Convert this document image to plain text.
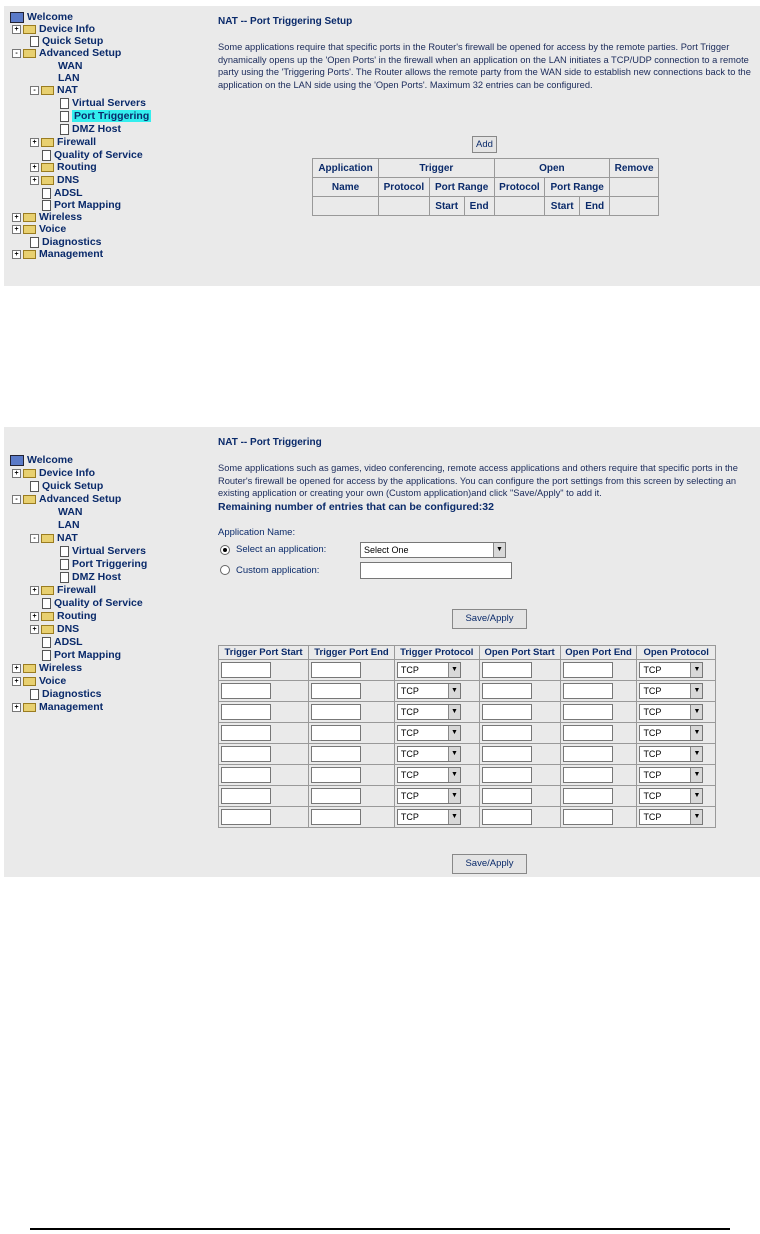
Welcome
+ Device Info
Quick Setup
-	Advanced Setup
WAN
LAN
-	NAT
Virtual Servers
Port Triggering
DMZ Host
+ Firewall
Quality of Service
+ Routing
+ DNS
ADSL
Port Mapping
+ Wireless
+ Voice
Diagnostics
+ Management
NAT -- Port Triggering Setup
Some applications require that specific ports in the Router's firewall be opened for access by the remote parties. Port Trigger dynamically opens up the 'Open Ports' in the firewall when an application on the LAN initiates a TCP/UDP connection to a remote party using the 'Triggering Ports'. The Router allows the remote party from the WAN side to establish new connections back to the application on the LAN side using the 'Open Ports'. Maximum 32 entries can be configured.
Add
Application	Trigger			Open			Remove
Name	Protocol	Port Range		Protocol	Port Range		
		Start	End		Start	End	
Welcome
+ Device Info
Quick Setup
-	Advanced Setup
WAN
LAN
-	NAT
Virtual Servers
Port Triggering
DMZ Host
+ Firewall
Quality of Service
+ Routing
+ DNS
ADSL
Port Mapping
+ Wireless
+ Voice
Diagnostics
+ Management
NAT -- Port Triggering
Some applications such as games, video conferencing, remote access applications and others require that specific ports in the Router's firewall be opened for access by the applications. You can configure the port settings from this screen by selecting an existing application or creating your own (Custom application)and click "Save/Apply" to add it.
Remaining number of entries that can be configured:32
Application Name:
Select an application:	Select One	▼
Custom application:
Save/Apply
Trigger Port Start	Trigger Port End	Trigger Protocol	Open Port Start	Open Port End	Open Protocol

		TCP ▼			TCP ▼

		TCP ▼			TCP ▼

		TCP ▼			TCP ▼

		TCP ▼			TCP ▼

		TCP ▼			TCP ▼

		TCP ▼			TCP ▼

		TCP ▼			TCP ▼

		TCP ▼			TCP ▼
Save/Apply
